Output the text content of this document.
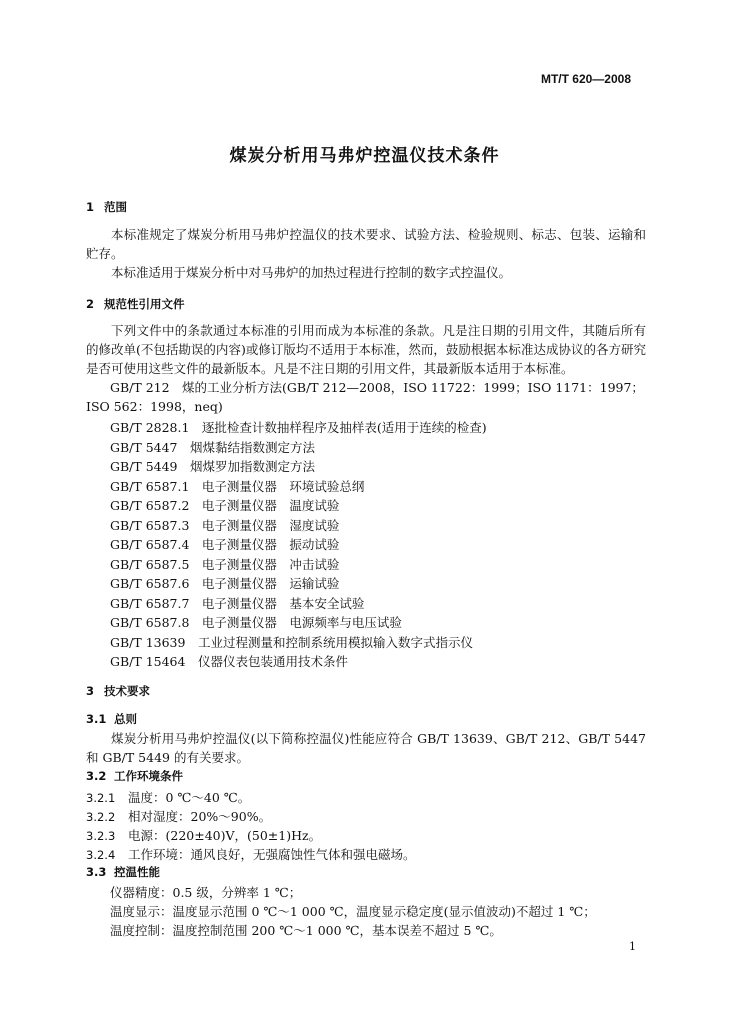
MT/T 620—2008
煤炭分析用马弗炉控温仪技术条件
1 范围
本标准规定了煤炭分析用马弗炉控温仪的技术要求、试验方法、检验规则、标志、包装、运输和贮存。
本标准适用于煤炭分析中对马弗炉的加热过程进行控制的数字式控温仪。
2 规范性引用文件
下列文件中的条款通过本标准的引用而成为本标准的条款。凡是注日期的引用文件，其随后所有的修改单(不包括勘误的内容)或修订版均不适用于本标准，然而，鼓励根据本标准达成协议的各方研究是否可使用这些文件的最新版本。凡是不注日期的引用文件，其最新版本适用于本标准。
GB/T 212　煤的工业分析方法(GB/T 212—2008，ISO 11722：1999；ISO 1171：1997；ISO 562：1998，neq)
GB/T 2828.1　逐批检查计数抽样程序及抽样表(适用于连续的检查)
GB/T 5447　烟煤黏结指数测定方法
GB/T 5449　烟煤罗加指数测定方法
GB/T 6587.1　电子测量仪器　环境试验总纲
GB/T 6587.2　电子测量仪器　温度试验
GB/T 6587.3　电子测量仪器　湿度试验
GB/T 6587.4　电子测量仪器　振动试验
GB/T 6587.5　电子测量仪器　冲击试验
GB/T 6587.6　电子测量仪器　运输试验
GB/T 6587.7　电子测量仪器　基本安全试验
GB/T 6587.8　电子测量仪器　电源频率与电压试验
GB/T 13639　工业过程测量和控制系统用模拟输入数字式指示仪
GB/T 15464　仪器仪表包装通用技术条件
3 技术要求
3.1 总则
煤炭分析用马弗炉控温仪(以下简称控温仪)性能应符合 GB/T 13639、GB/T 212、GB/T 5447 和 GB/T 5449 的有关要求。
3.2 工作环境条件
3.2.1 温度：0 ℃～40 ℃。
3.2.2 相对湿度：20%～90%。
3.2.3 电源：(220±40)V，(50±1)Hz。
3.2.4 工作环境：通风良好，无强腐蚀性气体和强电磁场。
3.3 控温性能
仪器精度：0.5 级，分辨率 1 ℃；
温度显示：温度显示范围 0 ℃～1 000 ℃，温度显示稳定度(显示值波动)不超过 1 ℃；
温度控制：温度控制范围 200 ℃～1 000 ℃，基本误差不超过 5 ℃。
1
